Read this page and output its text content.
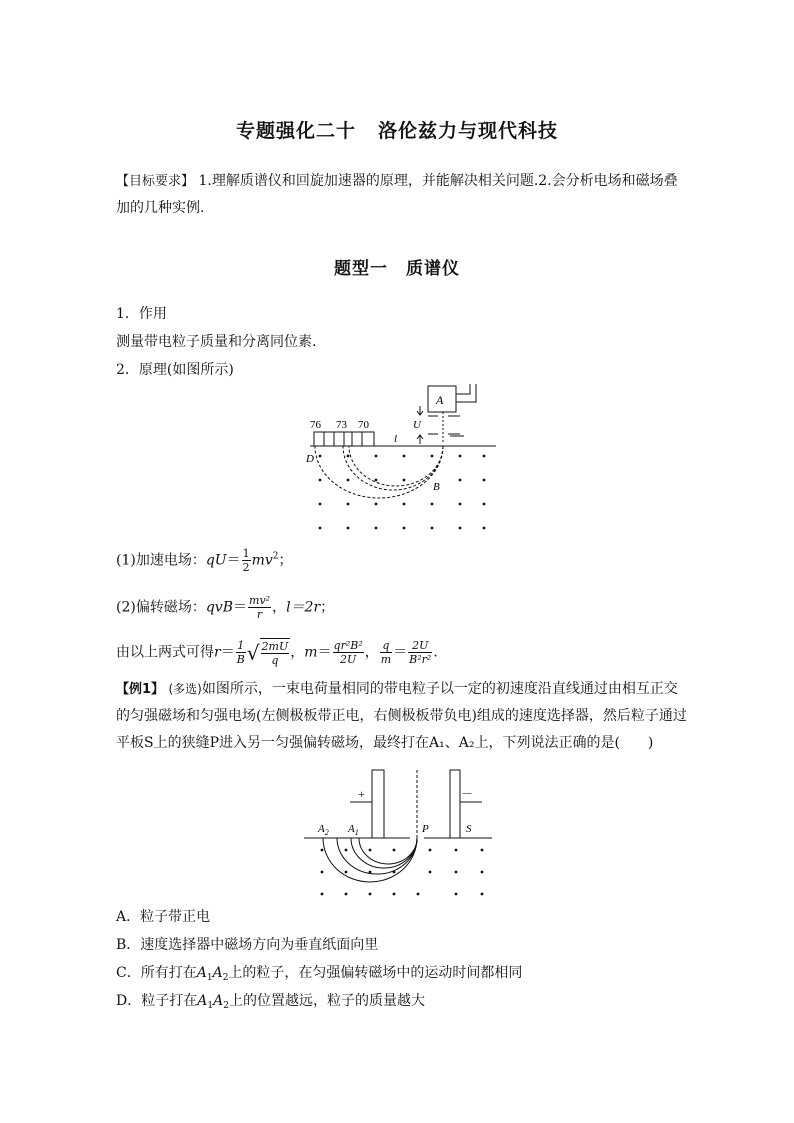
专题强化二十 洛伦兹力与现代科技
【目标要求】 1.理解质谱仪和回旋加速器的原理，并能解决相关问题.2.会分析电场和磁场叠加的几种实例.
题型一 质谱仪
1．作用
测量带电粒子质量和分离同位素.
2．原理(如图所示)
A
U
76 73 70
l
D
B
(1)加速电场：$qU= \frac{1}{2} mv^2$；
(2)偏转磁场：$qvB= \frac{\text{mv²}}{r}$ ，l＝2r；
由以上两式可得$r= \frac{1}{B}$ √ $\frac{2mU}{q}$ ，$m= \frac{\text{qr²B²}}{2U}$ ， $\frac{q}{m} = \frac{2U}{\text{B²r²}}$ .
【例1】 (多选)如图所示，一束电荷量相同的带电粒子以一定的初速度沿直线通过由相互正交的匀强磁场和匀强电场(左侧极板带正电，右侧极板带负电)组成的速度选择器，然后粒子通过平板S上的狭缝P进入另一匀强偏转磁场，最终打在A₁、A₂上，下列说法正确的是(　　)
+	－
$A_2$ $A_1$	P	S
A．粒子带正电
B．速度选择器中磁场方向为垂直纸面向里
C．所有打在$A_1A_2$上的粒子，在匀强偏转磁场中的运动时间都相同
D．粒子打在$A_1A_2$上的位置越远，粒子的质量越大
